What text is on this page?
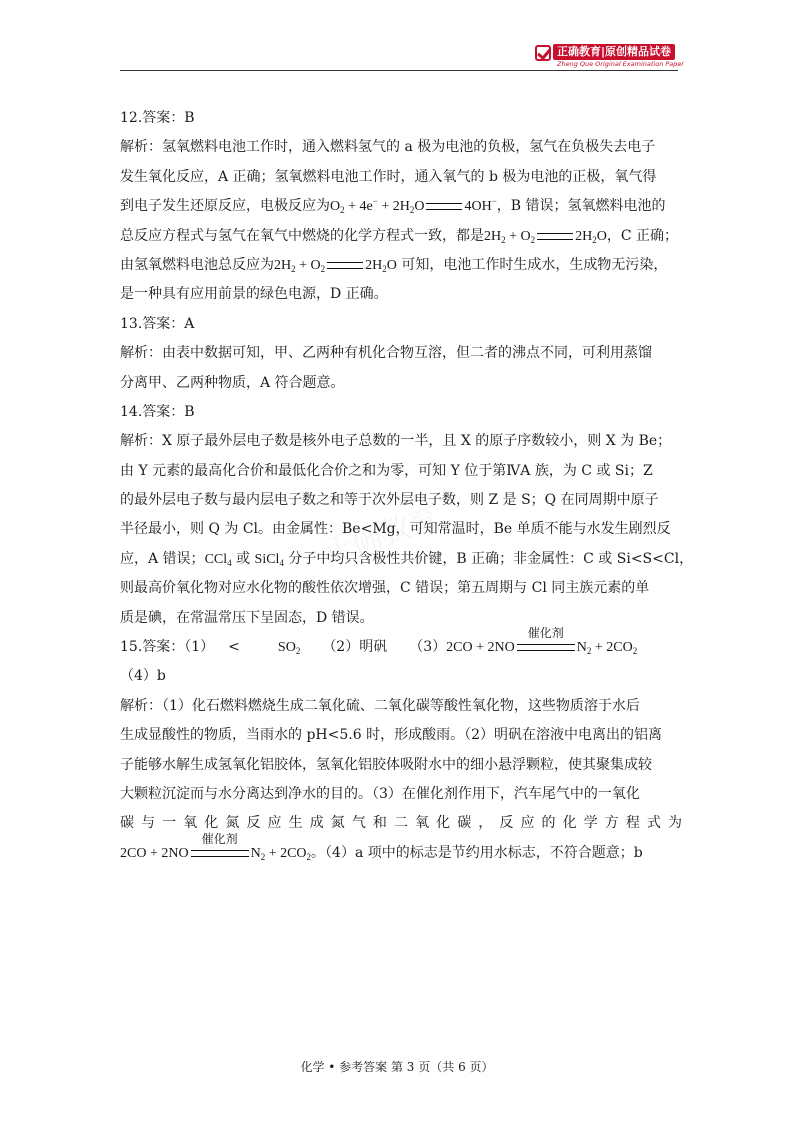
正确教育|原创精品试卷
Zheng Que Original Examination Paper
12.答案：B
解析：氢氧燃料电池工作时，通入燃料氢气的 a 极为电池的负极，氢气在负极失去电子
发生氧化反应，A 正确；氢氧燃料电池工作时，通入氧气的 b 极为电池的正极，氧气得
到电子发生还原反应，电极反应为$O_2 + 4e^- + 2H_2O$	4OH−，B 错误；氢氧燃料电池的
总反应方程式与氢气在氧气中燃烧的化学方程式一致，都是$2H_2 + O_2$	$2H_2O$，C 正确；
由氢氧燃料电池总反应为$2H_2 + O_2$	$2H_2O$ 可知，电池工作时生成水，生成物无污染，
是一种具有应用前景的绿色电源，D 正确。
13.答案：A
解析：由表中数据可知，甲、乙两种有机化合物互溶，但二者的沸点不同，可利用蒸馏
分离甲、乙两种物质，A 符合题意。
14.答案：B
解析：X 原子最外层电子数是核外电子总数的一半，且 X 的原子序数较小，则 X 为 Be；
由 Y 元素的最高化合价和最低化合价之和为零，可知 Y 位于第ⅣA 族，为 C 或 Si；Z
的最外层电子数与最内层电子数之和等于次外层电子数，则 Z 是 S；Q 在同周期中原子
半径最小，则 Q 为 Cl。由金属性：Be<Mg，可知常温时，Be 单质不能与水发生剧烈反
应，A 错误；CCl$_4$ 或 SiCl$_4$ 分子中均只含极性共价键，B 正确；非金属性：C 或 Si<S<Cl，
则最高价氧化物对应水化物的酸性依次增强，C 错误；第五周期与 Cl 同主族元素的单
质是碘，在常温常压下呈固态，D 错误。
15.答案：（1） <	$SO_2$ （2）明矾 （3）2CO + 2NO
催化剂
$N_2 + 2CO_2$
（4）b
解析：（1）化石燃料燃烧生成二氧化硫、二氧化碳等酸性氧化物，这些物质溶于水后
生成显酸性的物质，当雨水的 pH<5.6 时，形成酸雨。（2）明矾在溶液中电离出的铝离
子能够水解生成氢氧化铝胶体，氢氧化铝胶体吸附水中的细小悬浮颗粒，使其聚集成较
大颗粒沉淀而与水分离达到净水的目的。（3）在催化剂作用下，汽车尾气中的一氧化
碳与一氧化氮反应生成氮气和二氧化碳，反应的化学方程式为
2CO + 2NO
催化剂
$N_2 + 2CO_2$。（4）a 项中的标志是节约用水标志，不符合题意；b
化学 • 参考答案 第 3 页（共 6 页）
